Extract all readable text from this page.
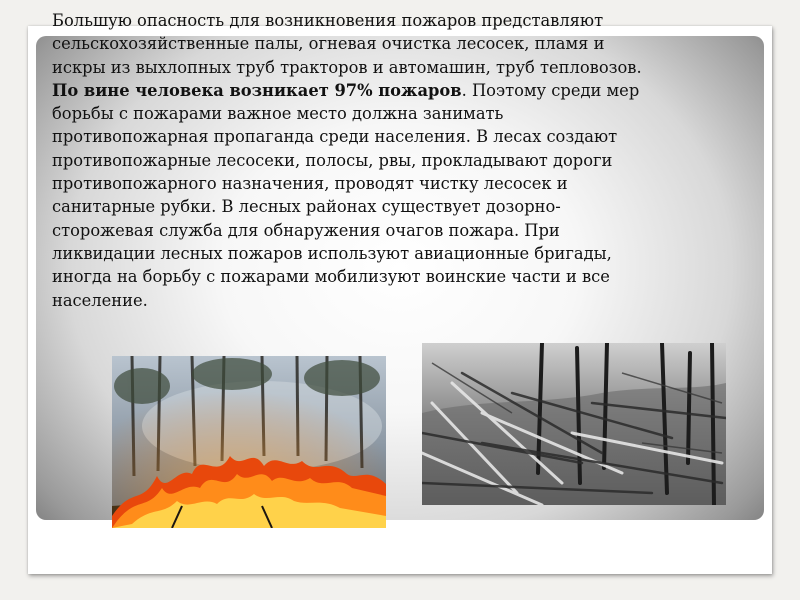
Большую опасность для возникновения пожаров представляют
сельскохозяйственные палы, огневая очистка лесосек, пламя и
искры из выхлопных труб тракторов и автомашин, труб тепловозов.
По вине человека возникает 97% пожаров. Поэтому среди мер
борьбы с пожарами важное место должна занимать
противопожарная пропаганда среди населения. В лесах создают
противопожарные лесосеки, полосы, рвы, прокладывают дороги
противопожарного назначения, проводят чистку лесосек и
санитарные рубки. В лесных районах существует дозорно-
сторожевая служба для обнаружения очагов пожара. При
ликвидации лесных пожаров используют авиационные бригады,
иногда на борьбу с пожарами мобилизуют воинские части и все
население.
